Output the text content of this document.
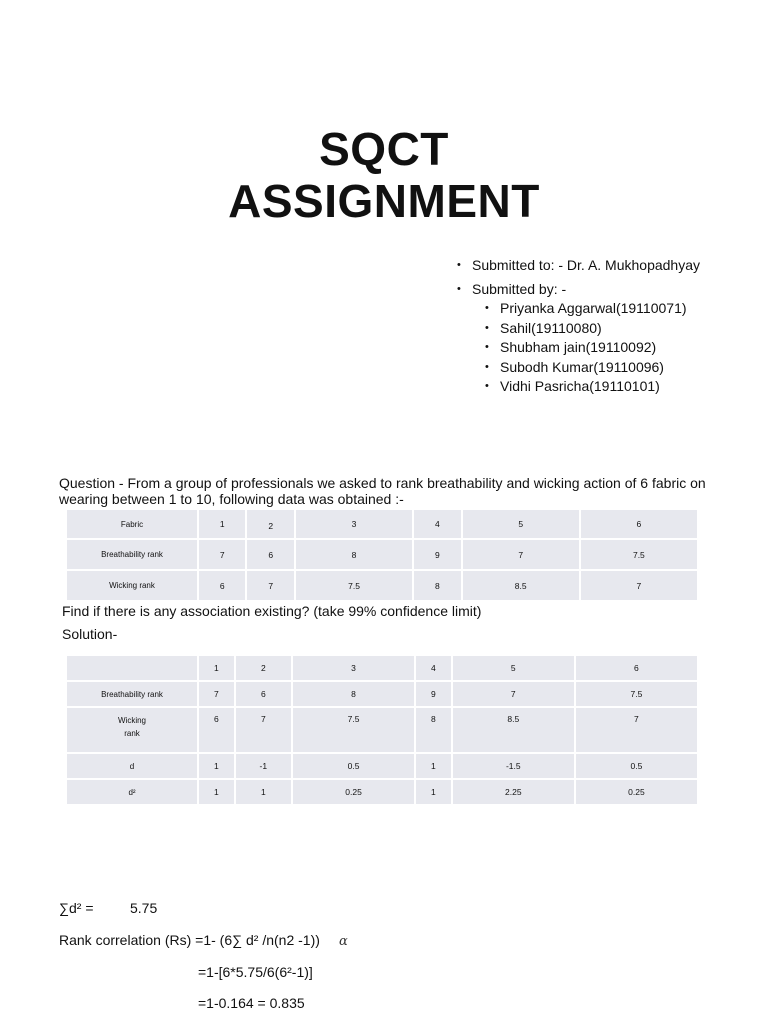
SQCT
ASSIGNMENT
• Submitted to: - Dr. A. Mukhopadhyay
• Submitted by: -
• Priyanka Aggarwal(19110071)
• Sahil(19110080)
• Shubham jain(19110092)
• Subodh Kumar(19110096)
• Vidhi Pasricha(19110101)
Question - From a group of professionals we asked to rank breathability and wicking action of 6 fabric on wearing between 1 to 10, following data was obtained :-
Fabric	1	2	3	4	5	6
Breathability rank	7	6	8	9	7	7.5
Wicking rank	6	7	7.5	8	8.5	7
Find if there is any association existing? (take 99% confidence limit)
Solution-
	1	2	3	4	5	6
Breathability rank	7	6	8	9	7	7.5

Wicking
rank	6	7	7.5	8	8.5	7
d	1	-1	0.5	1	-1.5	0.5
d²	1	1	0.25	1	2.25	0.25
∑d² =	5.75
Rank correlation (Rs) =1- (6∑ d² /n(n2 -1)) α
=1-[6*5.75/6(6²-1)]
=1-0.164 = 0.835
